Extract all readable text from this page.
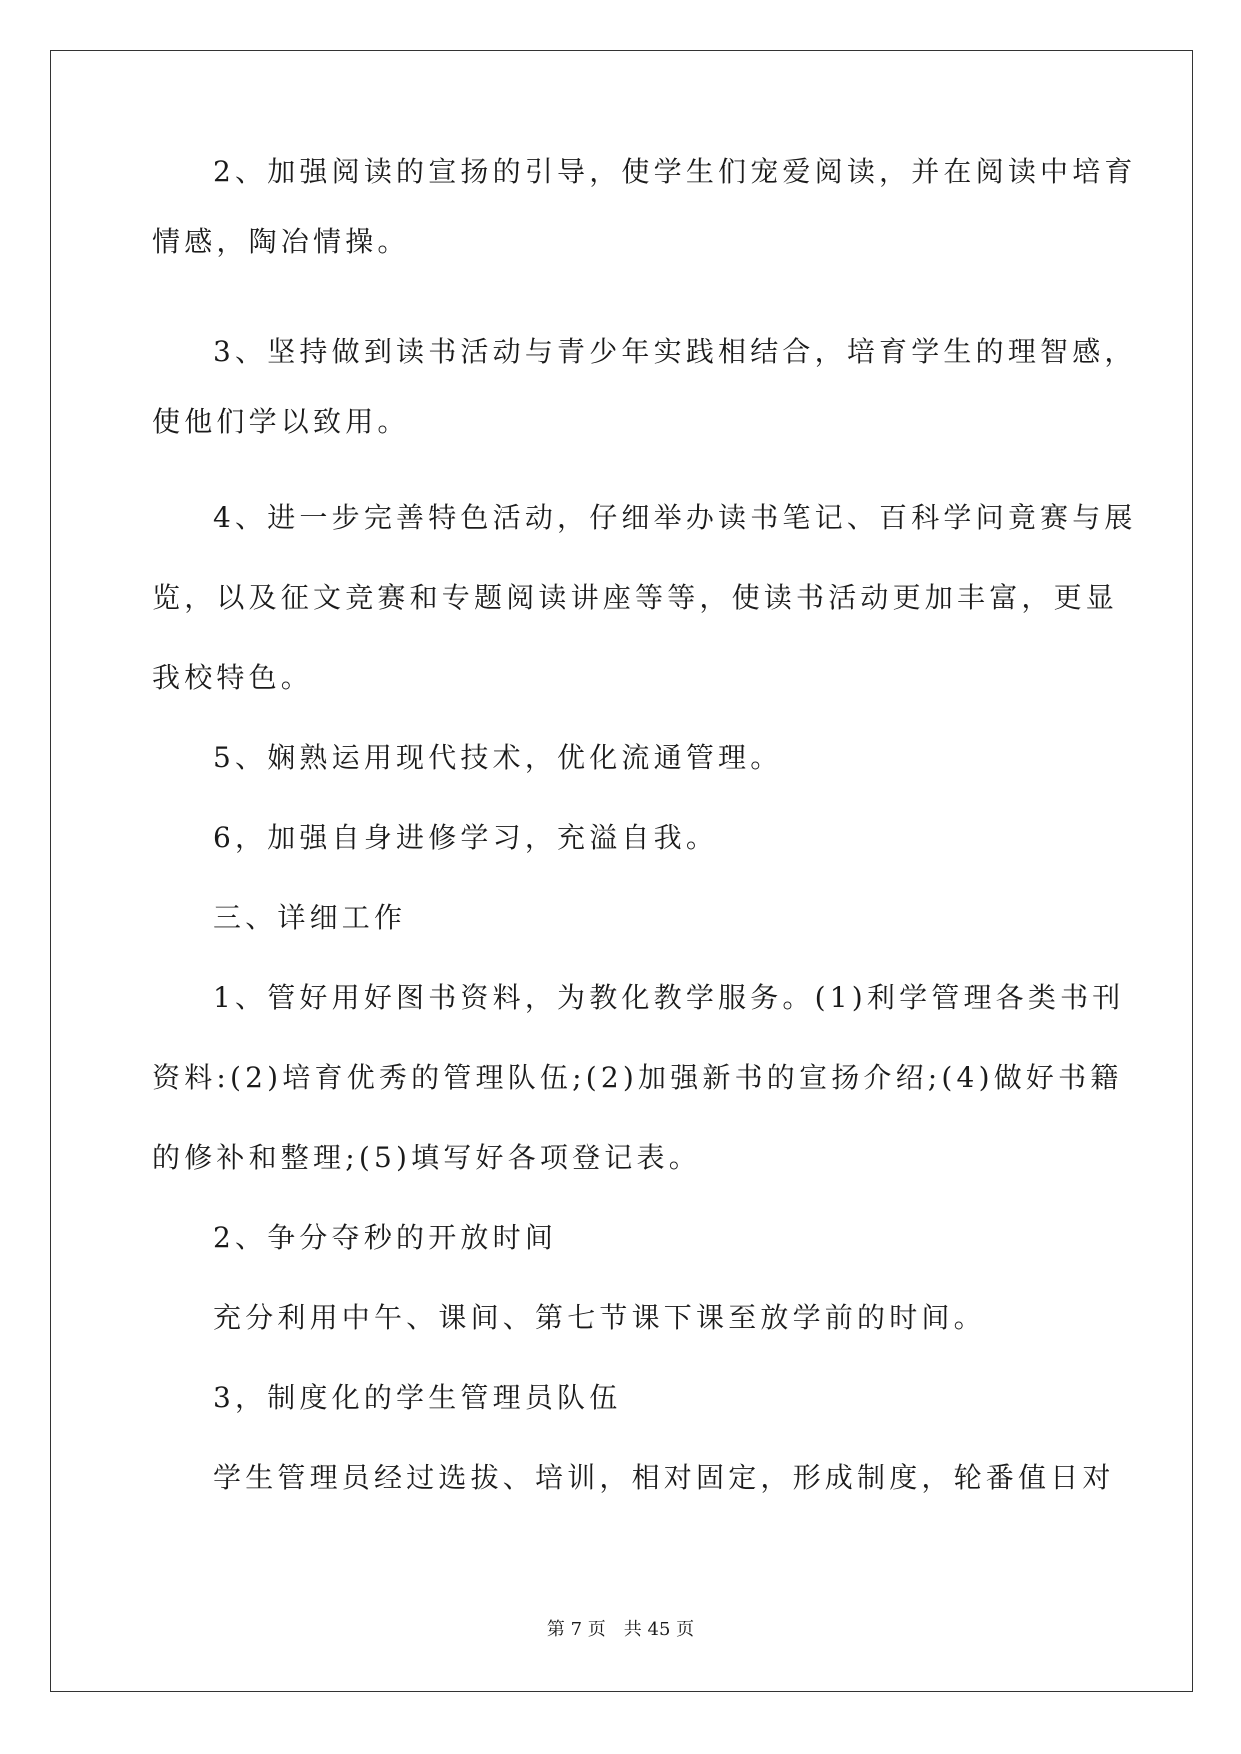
2、加强阅读的宣扬的引导，使学生们宠爱阅读，并在阅读中培育
情感，陶冶情操。
3、坚持做到读书活动与青少年实践相结合，培育学生的理智感，
使他们学以致用。
4、进一步完善特色活动，仔细举办读书笔记、百科学问竟赛与展
览，以及征文竞赛和专题阅读讲座等等，使读书活动更加丰富，更显
我校特色。
5、娴熟运用现代技术，优化流通管理。
6，加强自身进修学习，充溢自我。
三、详细工作
1、管好用好图书资料，为教化教学服务。(1)利学管理各类书刊
资料:(2)培育优秀的管理队伍;(2)加强新书的宣扬介绍;(4)做好书籍
的修补和整理;(5)填写好各项登记表。
2、争分夺秒的开放时间
充分利用中午、课间、第七节课下课至放学前的时间。
3，制度化的学生管理员队伍
学生管理员经过选拔、培训，相对固定，形成制度，轮番值日对
第 7 页　共 45 页
